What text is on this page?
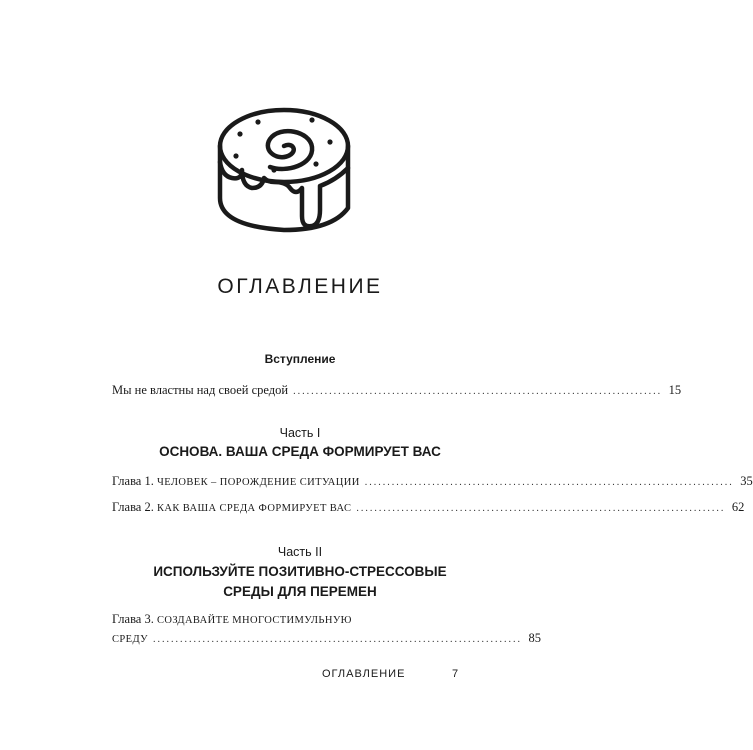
ОГЛАВЛЕНИЕ
Вступление
Мы не властны над своей средой .................................................................................. 15
Часть I
ОСНОВА. ВАША СРЕДА ФОРМИРУЕТ ВАС
Глава 1. ЧЕЛОВЕК – ПОРОЖДЕНИЕ СИТУАЦИИ .................................................................................. 35
Глава 2. КАК ВАША СРЕДА ФОРМИРУЕТ ВАС .................................................................................. 62
Часть II
ИСПОЛЬЗУЙТЕ ПОЗИТИВНО-СТРЕССОВЫЕ
СРЕДЫ ДЛЯ ПЕРЕМЕН
Глава 3. СОЗДАВАЙТЕ МНОГОСТИМУЛЬНУЮ
СРЕДУ .................................................................................. 85
ОГЛАВЛЕНИЕ	7
